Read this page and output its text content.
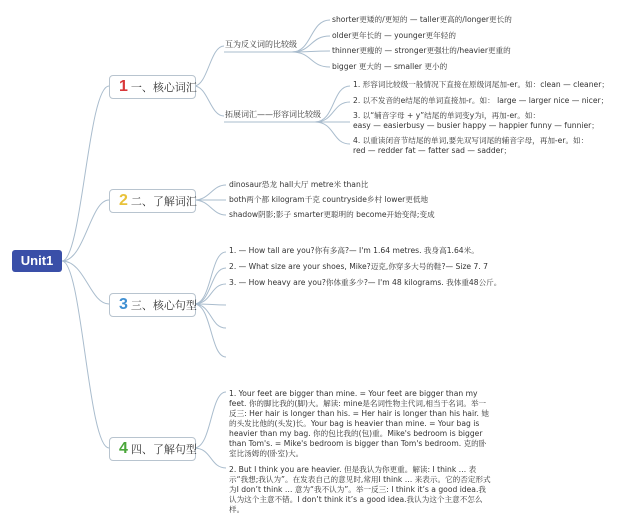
Unit1
1 一、核心词汇
互为反义词的比较级
拓展词汇——形容词比较级
shorter更矮的/更短的 — taller更高的/longer更长的
older更年长的 — younger更年轻的
thinner更瘦的 — stronger更强壮的/heavier更重的
bigger 更大的 — smaller 更小的
1. 形容词比较级一般情况下直接在原级词尾加-er。如：clean — cleaner；
2. 以不发音的e结尾的单词直接加-r。如： large — larger nice — nicer；
3. 以“辅音字母 + y”结尾的单词变y为i，再加-er。如：
easy — easierbusy — busier happy — happier funny — funnier；
4. 以重读闭音节结尾的单词,要先双写词尾的辅音字母，再加-er。如：
red — redder fat — fatter sad — sadder；
2 二、了解词汇
dinosaur恐龙 hall大厅 metre米 than比
both两个都 kilogram千克 countryside乡村 lower更低地
shadow阴影;影子 smarter更聪明的 become开始变得;变成
3 三、核心句型
1. — How tall are you?你有多高?— I'm 1.64 metres. 我身高1.64米。
2. — What size are your shoes, Mike?迈克,你穿多大号的鞋?— Size 7. 7
3. — How heavy are you?你体重多少?— I'm 48 kilograms. 我体重48公斤。
4 四、了解句型
1. Your feet are bigger than mine. = Your feet are bigger than my feet. 你的脚比我的(脚)大。解读: mine是名词性物主代词,相当于名词。举一反三: Her hair is longer than his. = Her hair is longer than his hair. 她的头发比他的(头发)长。Your bag is heavier than mine. = Your bag is heavier than my bag. 你的包比我的(包)重。Mike's bedroom is bigger than Tom's. = Mike's bedroom is bigger than Tom's bedroom. 克的卧室比汤姆的(卧室)大。
2. But I think you are heavier. 但是我认为你更重。解读: I think … 表示“我想;我认为”。在发表自己的意见时,常用I think … 来表示。它的否定形式为I don’t think … 意为“我不认为”。举一反三: I think it’s a good idea.我认为这个主意不错。I don’t think it’s a good idea.我认为这个主意不怎么样。
